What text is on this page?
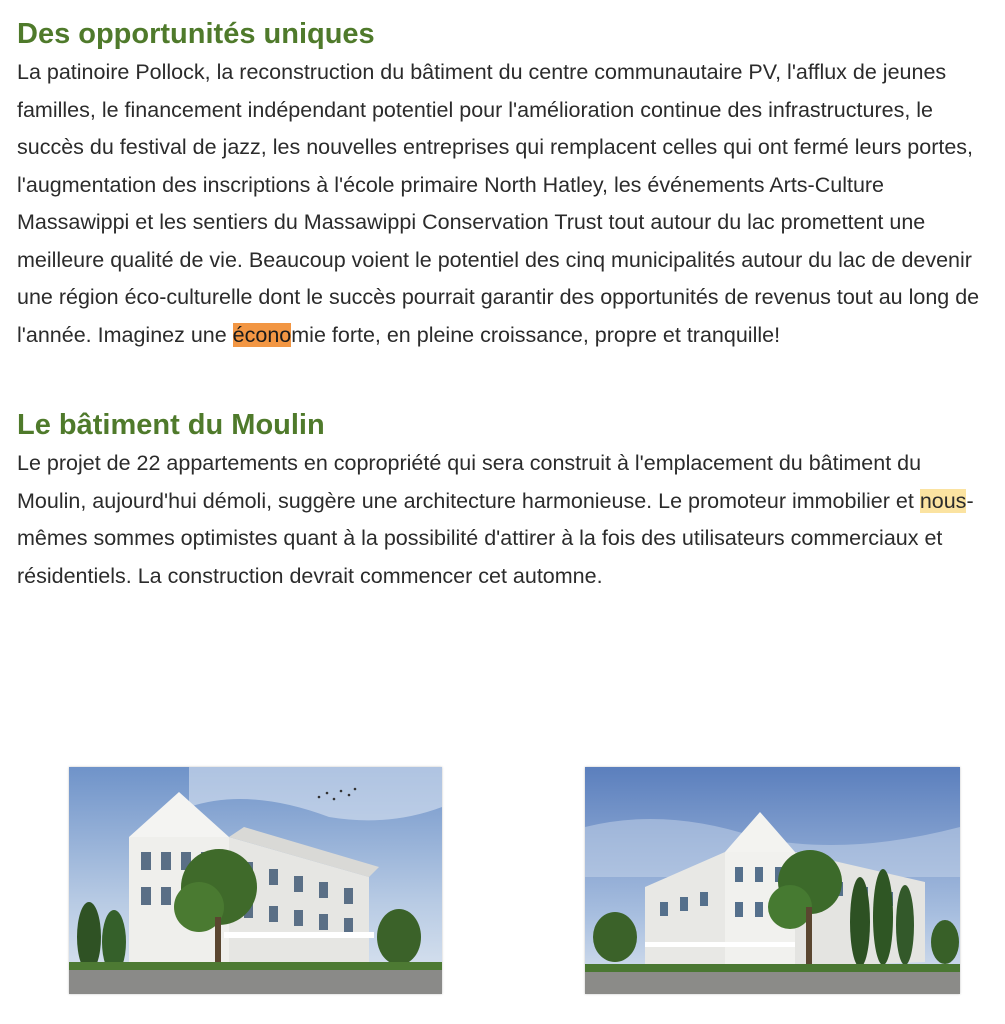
Des opportunités uniques

La patinoire Pollock, la reconstruction du bâtiment du centre communautaire PV, l'afflux de jeunes familles, le financement indépendant potentiel pour l'amélioration continue des infrastructures, le succès du festival de jazz, les nouvelles entreprises qui remplacent celles qui ont fermé leurs portes, l'augmentation des inscriptions à l'école primaire North Hatley, les événements Arts-Culture Massawippi et les sentiers du Massawippi Conservation Trust tout autour du lac promettent une meilleure qualité de vie. Beaucoup voient le potentiel des cinq municipalités autour du lac de devenir une région éco-culturelle dont le succès pourrait garantir des opportunités de revenus tout au long de l'année. Imaginez une économie forte, en pleine croissance, propre et tranquille!

Le bâtiment du Moulin

Le projet de 22 appartements en copropriété qui sera construit à l'emplacement du bâtiment du Moulin, aujourd'hui démoli, suggère une architecture harmonieuse. Le promoteur immobilier et nous-mêmes sommes optimistes quant à la possibilité d'attirer à la fois des utilisateurs commerciaux et résidentiels. La construction devrait commencer cet automne.
